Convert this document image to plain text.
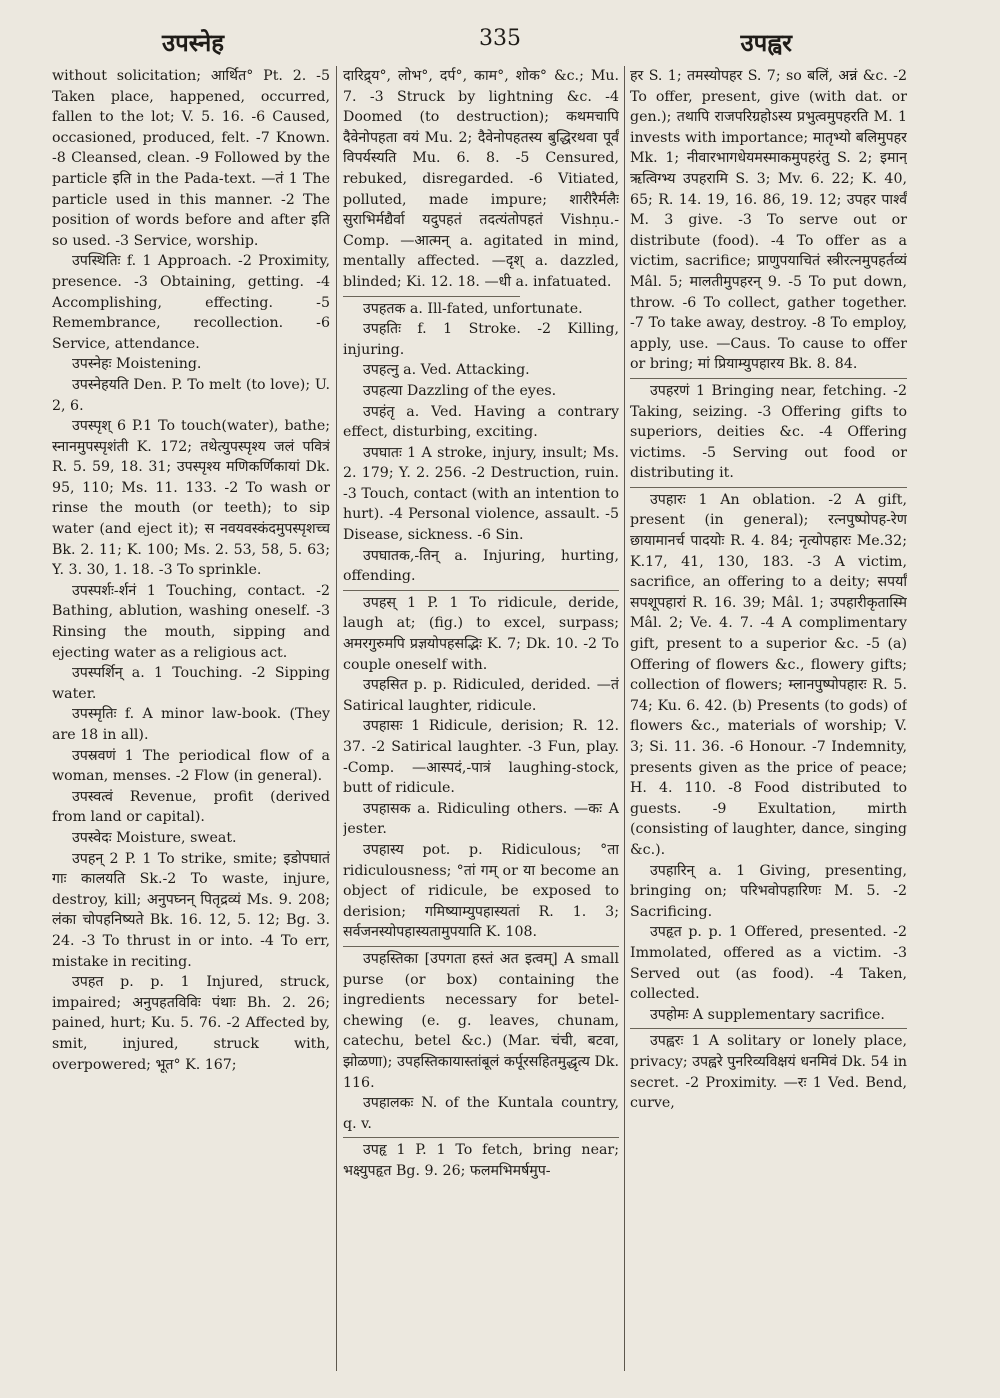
335
उपस्नेह	उपह्वर

without solicitation; आर्थित° Pt. 2. -5 Taken place, happened, occurred, fallen to the lot; V. 5. 16. -6 Caused, occasioned, produced, felt. -7 Known. -8 Cleansed, clean. -9 Followed by the particle इति in the Pada-text. —तं 1 The particle used in this manner. -2 The position of words before and after इति so used. -3 Service, worship.

उपस्थितिः f. 1 Approach. -2 Proximity, presence. -3 Obtaining, getting. -4 Accomplishing, effecting. -5 Remembrance, recollection. -6 Service, attendance.

उपस्नेहः Moistening.

उपस्नेहयति Den. P. To melt (to love); U. 2, 6.

उपस्पृश् 6 P.1 To touch(water), bathe; स्नानमुपस्पृशंती K. 172; तथेत्युपस्पृश्य जलं पवित्रं R. 5. 59, 18. 31; उपस्पृश्य मणिकर्णिकायां Dk. 95, 110; Ms. 11. 133. -2 To wash or rinse the mouth (or teeth); to sip water (and eject it); स नवयवस्कंदमुपस्पृशच्च Bk. 2. 11; K. 100; Ms. 2. 53, 58, 5. 63; Y. 3. 30, 1. 18. -3 To sprinkle.

उपस्पर्शः-र्शनं 1 Touching, contact. -2 Bathing, ablution, washing oneself. -3 Rinsing the mouth, sipping and ejecting water as a religious act.

उपस्पर्शिन् a. 1 Touching. -2 Sipping water.

उपस्मृतिः f. A minor law-book. (They are 18 in all).

उपस्रवणं 1 The periodical flow of a woman, menses. -2 Flow (in general).

उपस्वत्वं Revenue, profit (derived from land or capital).

उपस्वेदः Moisture, sweat.

उपहन् 2 P. 1 To strike, smite; इडोपघातं गाः कालयति Sk.-2 To waste, injure, destroy, kill; अनुपघ्नन् पितृद्रव्यं Ms. 9. 208; लंका चोपहनिष्यते Bk. 16. 12, 5. 12; Bg. 3. 24. -3 To thrust in or into. -4 To err, mistake in reciting.

उपहत p. p. 1 Injured, struck, impaired; अनुपहतविविः पंथाः Bh. 2. 26; pained, hurt; Ku. 5. 76. -2 Affected by, smit, injured, struck with, overpowered; भूत° K. 167;

दारिद्र्य°, लोभ°, दर्प°, काम°, शोक° &c.; Mu. 7. -3 Struck by lightning &c. -4 Doomed (to destruction); कथमचापि दैवेनोपहता वयं Mu. 2; दैवेनोपहतस्य बुद्धिरथवा पूर्वं विपर्यस्यति Mu. 6. 8. -5 Censured, rebuked, disregarded. -6 Vitiated, polluted, made impure; शारीरैर्मलैः सुराभिर्मद्यैर्वा यदुपहतं तदत्यंतोपहतं Vishṇu.-Comp. —आत्मन् a. agitated in mind, mentally affected. —दृश् a. dazzled, blinded; Ki. 12. 18. —धी a. infatuated.

उपहतक a. Ill-fated, unfortunate.

उपहतिः f. 1 Stroke. -2 Killing, injuring.

उपहत्नु a. Ved. Attacking.

उपहत्या Dazzling of the eyes.

उपहंतृ a. Ved. Having a contrary effect, disturbing, exciting.

उपघातः 1 A stroke, injury, insult; Ms. 2. 179; Y. 2. 256. -2 Destruction, ruin. -3 Touch, contact (with an intention to hurt). -4 Personal violence, assault. -5 Disease, sickness. -6 Sin.

उपघातक,-तिन् a. Injuring, hurting, offending.

उपहस् 1 P. 1 To ridicule, deride, laugh at; (fig.) to excel, surpass; अमरगुरुमपि प्रज्ञयोपहसद्भिः K. 7; Dk. 10. -2 To couple oneself with.

उपहसित p. p. Ridiculed, derided. —तं Satirical laughter, ridicule.

उपहासः 1 Ridicule, derision; R. 12. 37. -2 Satirical laughter. -3 Fun, play. -Comp. —आस्पदं,-पात्रं laughing-stock, butt of ridicule.

उपहासक a. Ridiculing others. —कः A jester.

उपहास्य pot. p. Ridiculous; °ता ridiculousness; °तां गम् or या become an object of ridicule, be exposed to derision; गमिष्याम्युपहास्यतां R. 1. 3; सर्वजनस्योपहास्यतामुपयाति K. 108.

उपहस्तिका [उपगता हस्तं अत इत्वम्] A small purse (or box) containing the ingredients necessary for betel-chewing (e. g. leaves, chunam, catechu, betel &c.) (Mar. चंची, बटवा, झोळणा); उपहस्तिकायास्तांबूलं कर्पूरसहितमुद्धृत्य Dk. 116.

उपहालकः N. of the Kuntala country, q. v.

उपहृ 1 P. 1 To fetch, bring near; भक्ष्युपहृत Bg. 9. 26; फलमभिमर्षमुप-

हर S. 1; तमस्योपहर S. 7; so बलिं, अन्नं &c. -2 To offer, present, give (with dat. or gen.); तथापि राजपरिग्रहोऽस्य प्रभुत्वमुपहरति M. 1 invests with importance; मातृभ्यो बलिमुपहर Mk. 1; नीवारभागधेयमस्माकमुपहरंतु S. 2; इमान् ऋत्विग्भ्य उपहरामि S. 3; Mv. 6. 22; K. 40, 65; R. 14. 19, 16. 86, 19. 12; उपहर पार्श्वं M. 3 give. -3 To serve out or distribute (food). -4 To offer as a victim, sacrifice; प्राणुपयाचितं स्त्रीरत्नमुपहर्तव्यं Mâl. 5; मालतीमुपहरन् 9. -5 To put down, throw. -6 To collect, gather together. -7 To take away, destroy. -8 To employ, apply, use. —Caus. To cause to offer or bring; मां प्रियाम्युपहारय Bk. 8. 84.

उपहरणं 1 Bringing near, fetching. -2 Taking, seizing. -3 Offering gifts to superiors, deities &c. -4 Offering victims. -5 Serving out food or distributing it.

उपहारः 1 An oblation. -2 A gift, present (in general); रत्नपुष्पोपह-रेण छायामानर्च पादयोः R. 4. 84; नृत्योपहारः Me.32; K.17, 41, 130, 183. -3 A victim, sacrifice, an offering to a deity; सपर्यां सपशूपहारां R. 16. 39; Mâl. 1; उपहारीकृतास्मि Mâl. 2; Ve. 4. 7. -4 A complimentary gift, present to a superior &c. -5 (a) Offering of flowers &c., flowery gifts; collection of flowers; म्लानपुष्पोपहारः R. 5. 74; Ku. 6. 42. (b) Presents (to gods) of flowers &c., materials of worship; V. 3; Si. 11. 36. -6 Honour. -7 Indemnity, presents given as the price of peace; H. 4. 110. -8 Food distributed to guests. -9 Exultation, mirth (consisting of laughter, dance, singing &c.).

उपहारिन् a. 1 Giving, presenting, bringing on; परिभवोपहारिणः M. 5. -2 Sacrificing.

उपहृत p. p. 1 Offered, presented. -2 Immolated, offered as a victim. -3 Served out (as food). -4 Taken, collected.

उपहोमः A supplementary sacrifice.

उपह्वरः 1 A solitary or lonely place, privacy; उपह्वरे पुनरिव्यविक्षयं धनमिवं Dk. 54 in secret. -2 Proximity. —रः 1 Ved. Bend, curve,
